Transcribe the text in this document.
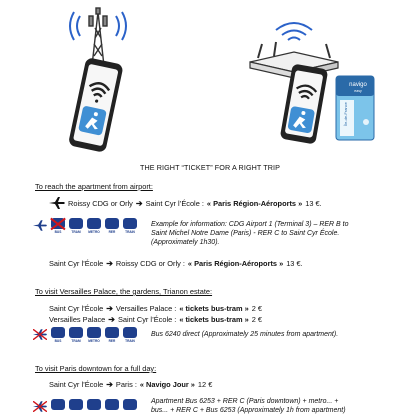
navigo
easy
Île-de-France
THE RIGHT “TICKET” FOR A RIGHT TRIP
To reach the apartment from airport:
Roissy CDG or Orly ➔ Saint Cyr l’École : « Paris Région-Aéroports » 13 €.
BUS	TRAM	METRO	RER	TRAIN
Example for information: CDG Airport 1 (Terminal 3) – RER B to
Saint Michel Notre Dame (Paris) - RER C to Saint Cyr École.
(Approximately 1h30).
Saint Cyr l’École ➔ Roissy CDG or Orly : « Paris Région-Aéroports » 13 €.
To visit Versailles Palace, the gardens, Trianon estate:
Saint Cyr l’École ➔ Versailles Palace : « tickets bus-tram » 2 €
Versailles Palace ➔ Saint Cyr l’École : « tickets bus-tram » 2 €
BUS	TRAM	METRO	RER	TRAIN
Bus 6240 direct (Approximately 25 minutes from apartment).
To visit Paris downtown for a full day:
Saint Cyr l’École ➔ Paris : « Navigo Jour » 12 €
Apartment Bus 6253 + RER C (Paris downtown) + metro... +
bus... + RER C + Bus 6253 (Approximately 1h from apartment)
